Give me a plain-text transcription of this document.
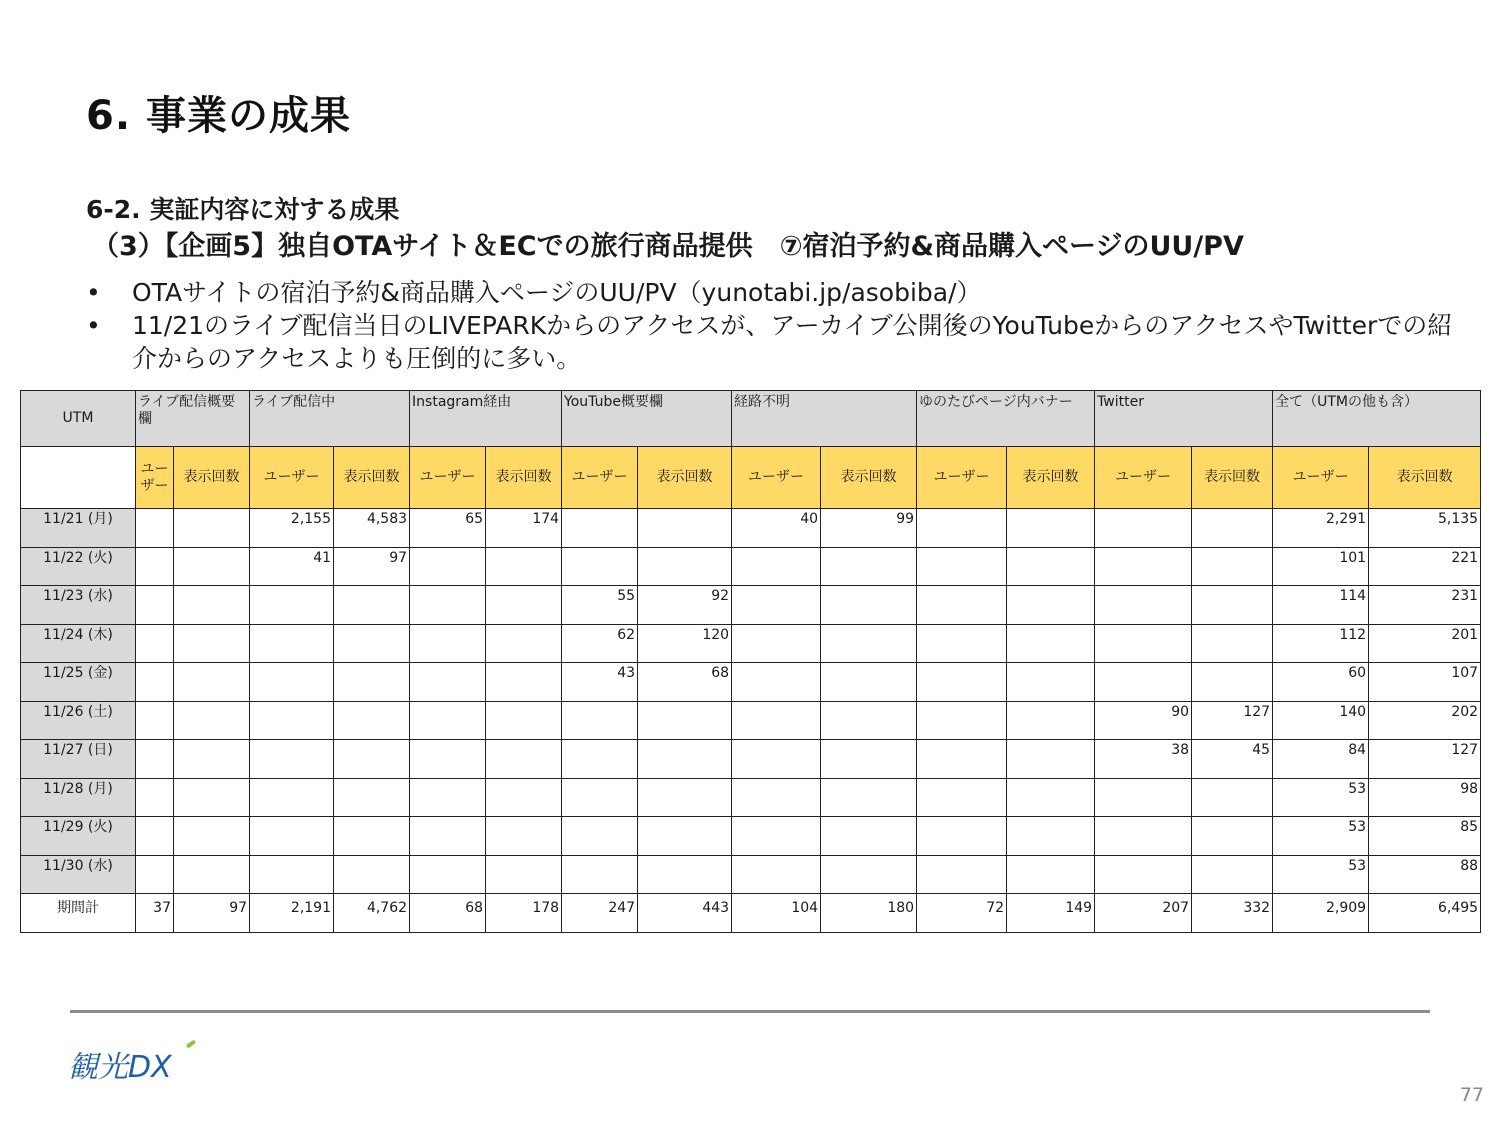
6. 事業の成果
6-2. 実証内容に対する成果
（3）【企画5】独自OTAサイト＆ECでの旅行商品提供　⑦宿泊予約&商品購入ページのUU/PV
•	OTAサイトの宿泊予約&商品購入ページのUU/PV（yunotabi.jp/asobiba/）
•	11/21のライブ配信当日のLIVEPARKからのアクセスが、アーカイブ公開後のYouTubeからのアクセスやTwitterでの紹介からのアクセスよりも圧倒的に多い。
UTM	ライブ配信概要欄		ライブ配信中		Instagram経由		YouTube概要欄		経路不明		ゆのたびページ内バナー		Twitter		全て（UTMの他も含）	
	ユーザー	表示回数	ユーザー	表示回数	ユーザー	表示回数	ユーザー	表示回数	ユーザー	表示回数	ユーザー	表示回数	ユーザー	表示回数	ユーザー	表示回数
11/21 (月)			2,155	4,583	65	174			40	99					2,291	5,135
11/22 (火)			41	97											101	221
11/23 (水)							55	92							114	231
11/24 (木)							62	120							112	201
11/25 (金)							43	68							60	107
11/26 (土)													90	127	140	202
11/27 (日)													38	45	84	127
11/28 (月)															53	98
11/29 (火)															53	85
11/30 (水)															53	88
期間計	37	97	2,191	4,762	68	178	247	443	104	180	72	149	207	332	2,909	6,495
観光DX
77
